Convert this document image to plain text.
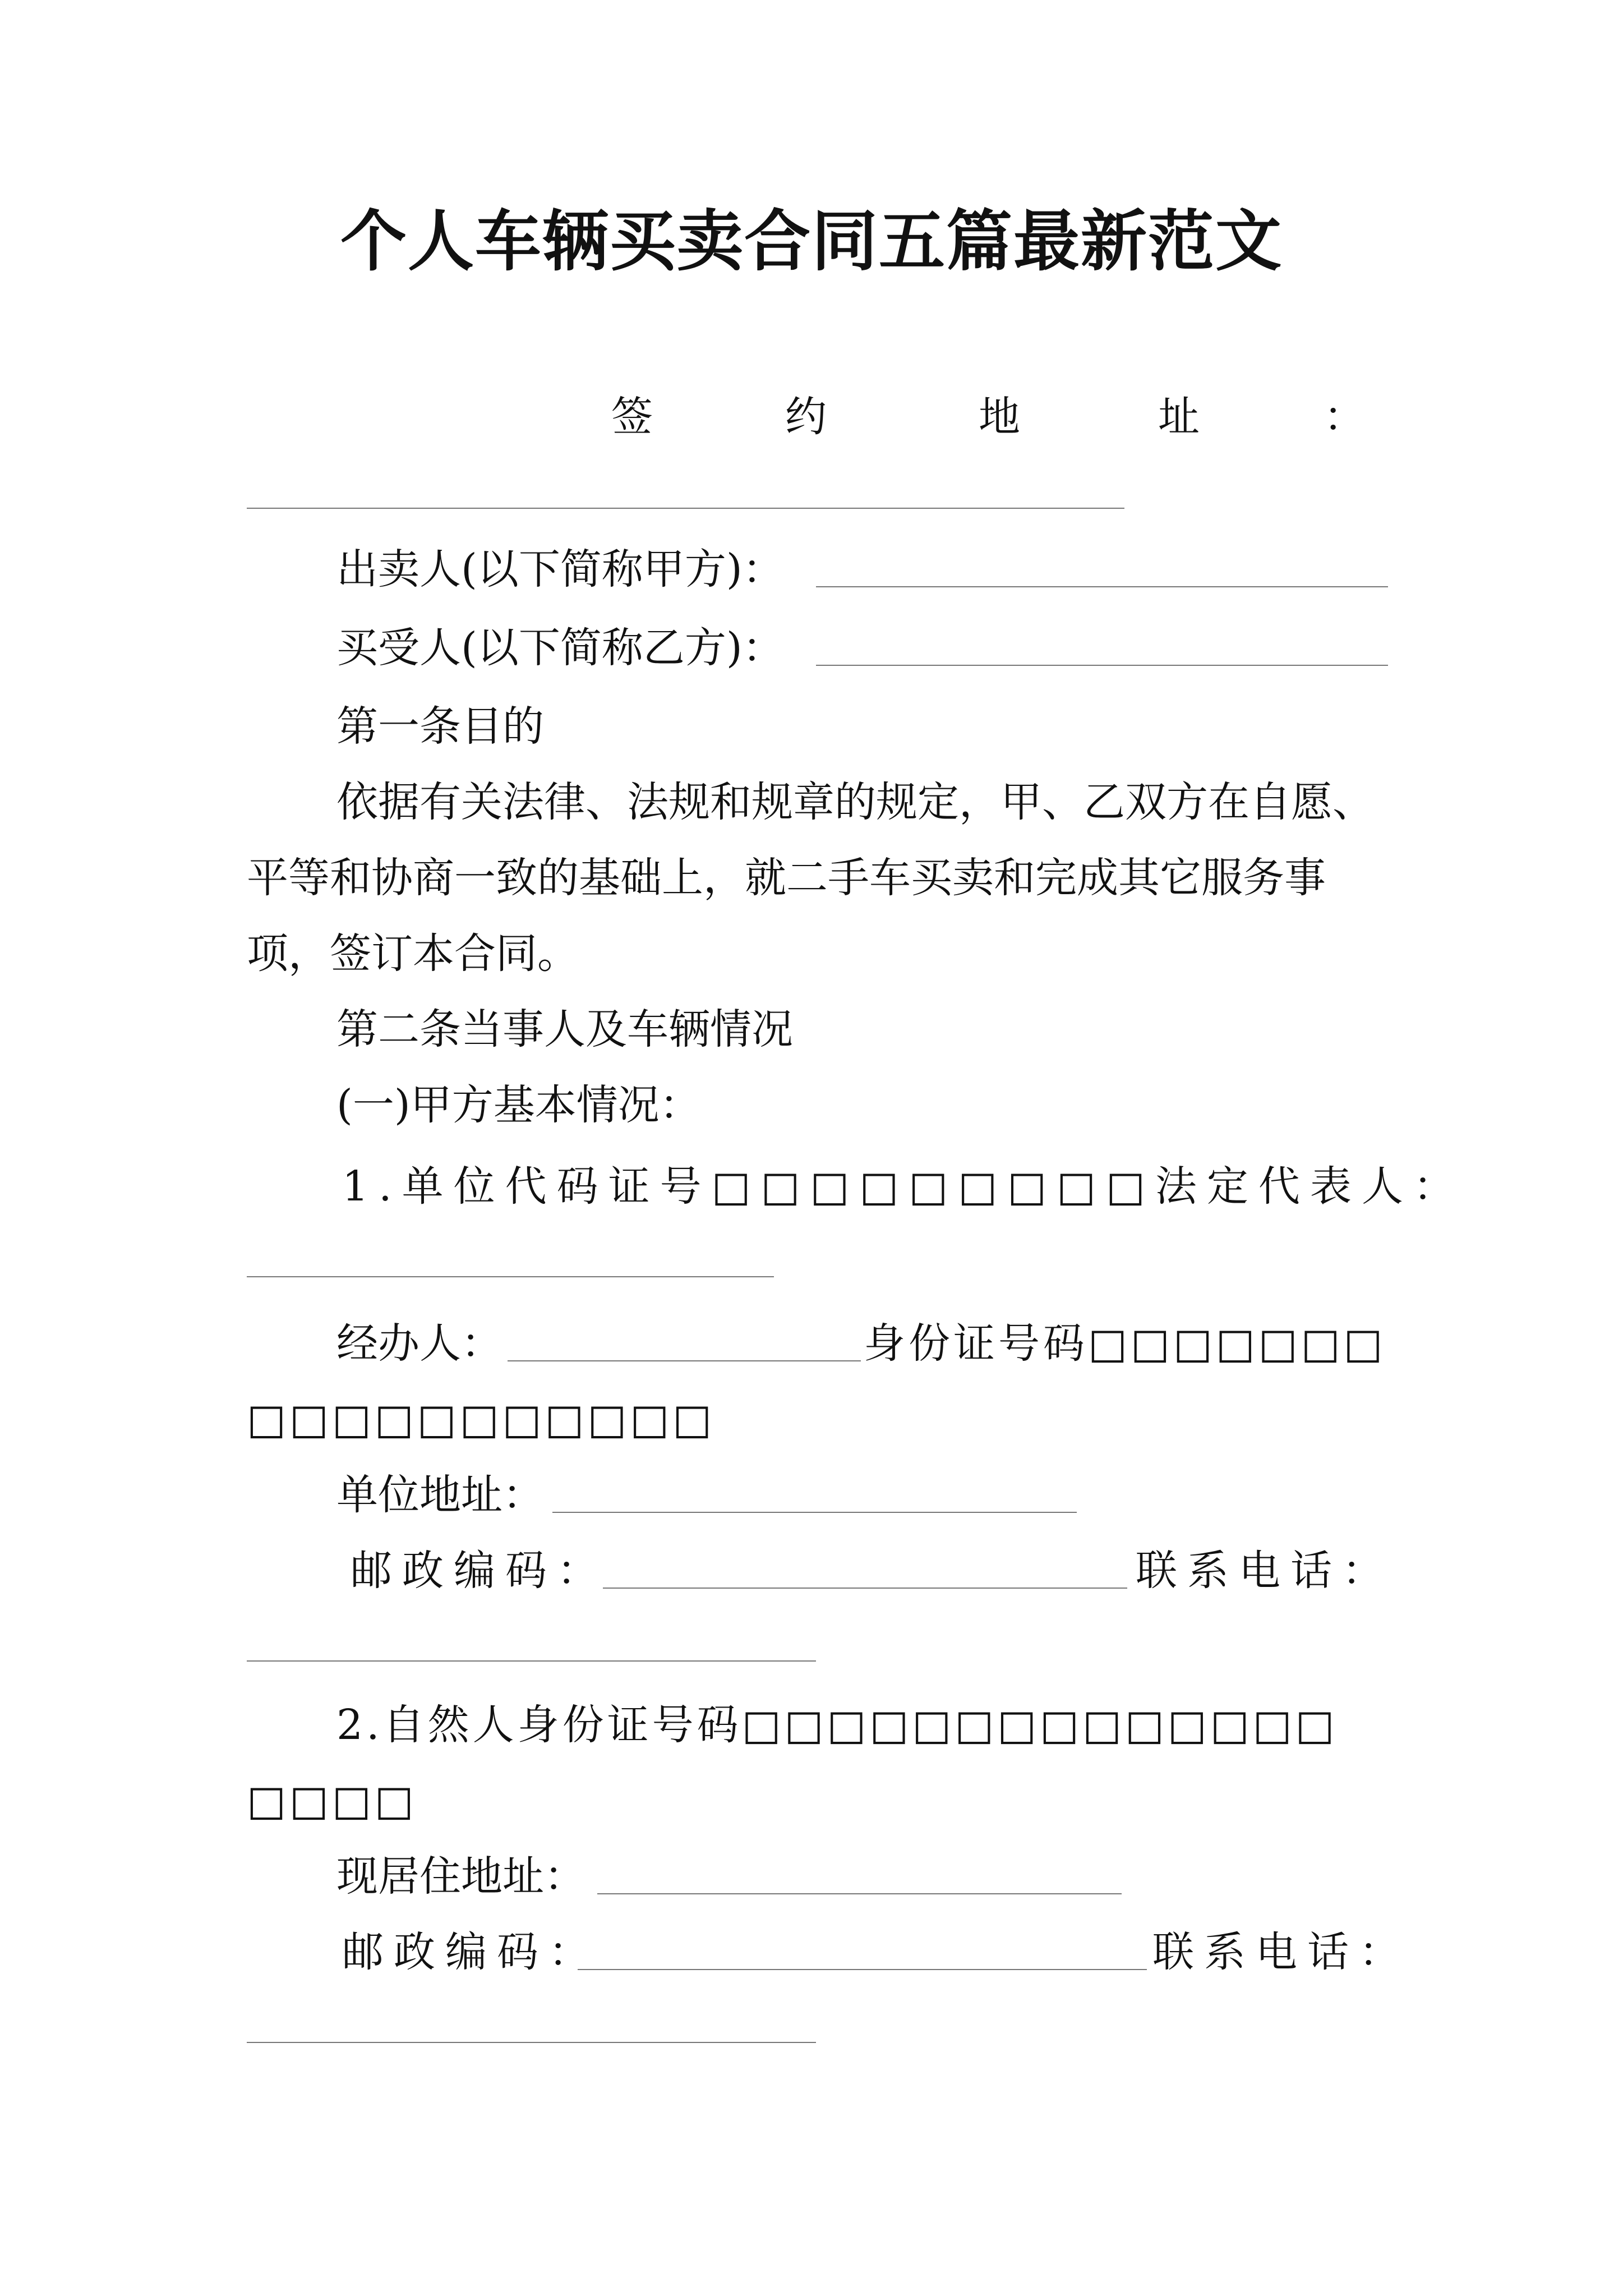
个人车辆买卖合同五篇最新范文
签	约	地	址	：
出卖人(以下简称甲方)：
买受人(以下简称乙方)：
第一条目的
依据有关法律、法规和规章的规定，甲、乙双方在自愿、
平等和协商一致的基础上，就二手车买卖和完成其它服务事
项，签订本合同。
第二条当事人及车辆情况
(一)甲方基本情况：
1.单位代码证号□□□□□□□□□法定代表人：
经办人：	身份证号码□□□□□□□
□□□□□□□□□□□
单位地址：
邮政编码：	联系电话：
2.自然人身份证号码□□□□□□□□□□□□□□
□□□□
现居住地址：
邮政编码：	联系电话：
